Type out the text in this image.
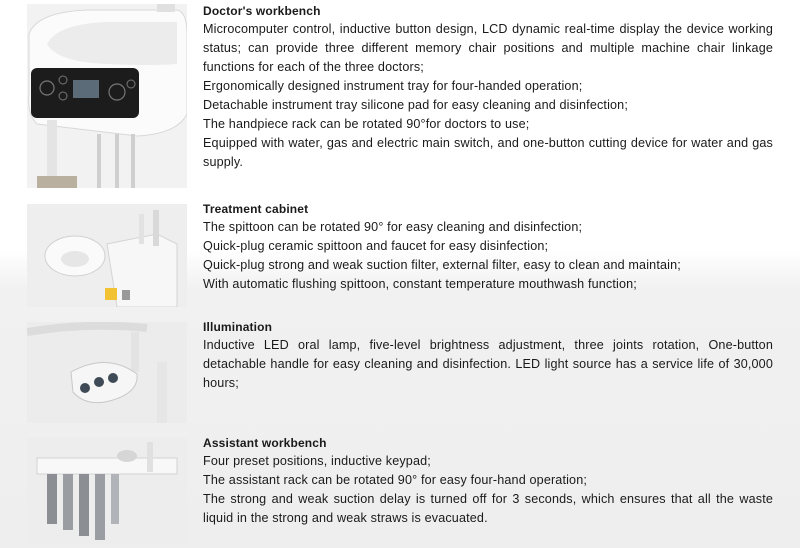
Doctor's workbench
Microcomputer control, inductive button design, LCD dynamic real-time display the device working status; can provide three different memory chair positions and multiple machine chair linkage functions for each of the three doctors;
Ergonomically designed instrument tray for four-handed operation;
Detachable instrument tray silicone pad for easy cleaning and disinfection;
The handpiece rack can be rotated 90°for doctors to use;
Equipped with water, gas and electric main switch, and one-button cutting device for water and gas supply.
Treatment cabinet
The spittoon can be rotated 90° for easy cleaning and disinfection;
Quick-plug ceramic spittoon and faucet for easy disinfection;
Quick-plug strong and weak suction filter, external filter, easy to clean and maintain;
With automatic flushing spittoon, constant temperature mouthwash function;
Illumination
Inductive LED oral lamp, five-level brightness adjustment, three joints rotation, One-button detachable handle for easy cleaning and disinfection. LED light source has a service life of 30,000 hours;
Assistant workbench
Four preset positions, inductive keypad;
The assistant rack can be rotated 90° for easy four-hand operation;
The strong and weak suction delay is turned off for 3 seconds, which ensures that all the waste liquid in the strong and weak straws is evacuated.
